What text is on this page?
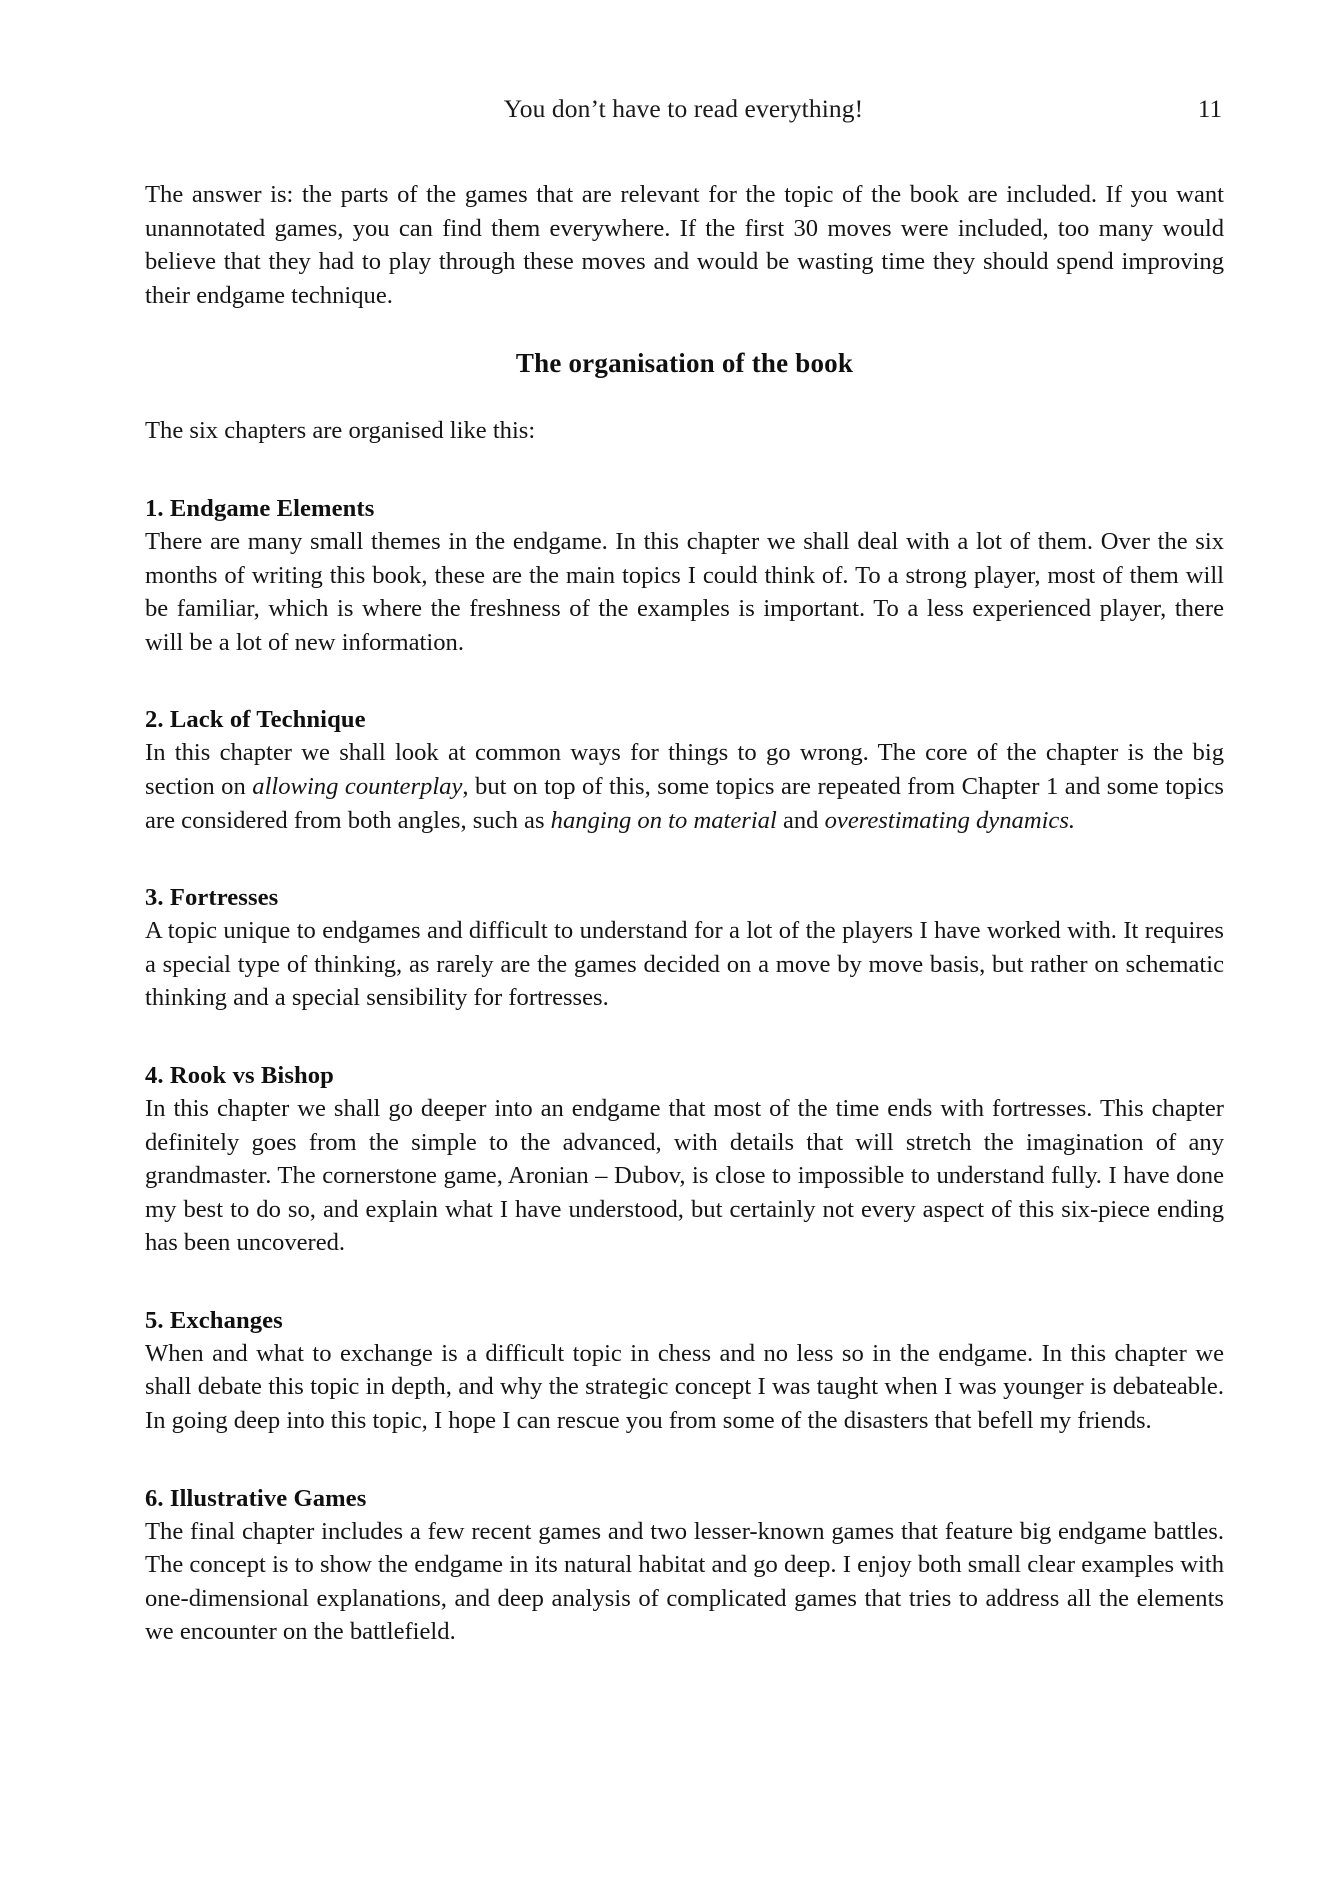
You don’t have to read everything!	11

The answer is: the parts of the games that are relevant for the topic of the book are included. If you want unannotated games, you can find them everywhere. If the first 30 moves were included, too many would believe that they had to play through these moves and would be wasting time they should spend improving their endgame technique.

The organisation of the book

The six chapters are organised like this:

1. Endgame Elements

There are many small themes in the endgame. In this chapter we shall deal with a lot of them. Over the six months of writing this book, these are the main topics I could think of. To a strong player, most of them will be familiar, which is where the freshness of the examples is important. To a less experienced player, there will be a lot of new information.

2. Lack of Technique

In this chapter we shall look at common ways for things to go wrong. The core of the chapter is the big section on allowing counterplay, but on top of this, some topics are repeated from Chapter 1 and some topics are considered from both angles, such as hanging on to material and overestimating dynamics.

3. Fortresses

A topic unique to endgames and difficult to understand for a lot of the players I have worked with. It requires a special type of thinking, as rarely are the games decided on a move by move basis, but rather on schematic thinking and a special sensibility for fortresses.

4. Rook vs Bishop

In this chapter we shall go deeper into an endgame that most of the time ends with fortresses. This chapter definitely goes from the simple to the advanced, with details that will stretch the imagination of any grandmaster. The cornerstone game, Aronian – Dubov, is close to impossible to understand fully. I have done my best to do so, and explain what I have understood, but certainly not every aspect of this six-piece ending has been uncovered.

5. Exchanges

When and what to exchange is a difficult topic in chess and no less so in the endgame. In this chapter we shall debate this topic in depth, and why the strategic concept I was taught when I was younger is debateable. In going deep into this topic, I hope I can rescue you from some of the disasters that befell my friends.

6. Illustrative Games

The final chapter includes a few recent games and two lesser-known games that feature big endgame battles. The concept is to show the endgame in its natural habitat and go deep. I enjoy both small clear examples with one-dimensional explanations, and deep analysis of complicated games that tries to address all the elements we encounter on the battlefield.
